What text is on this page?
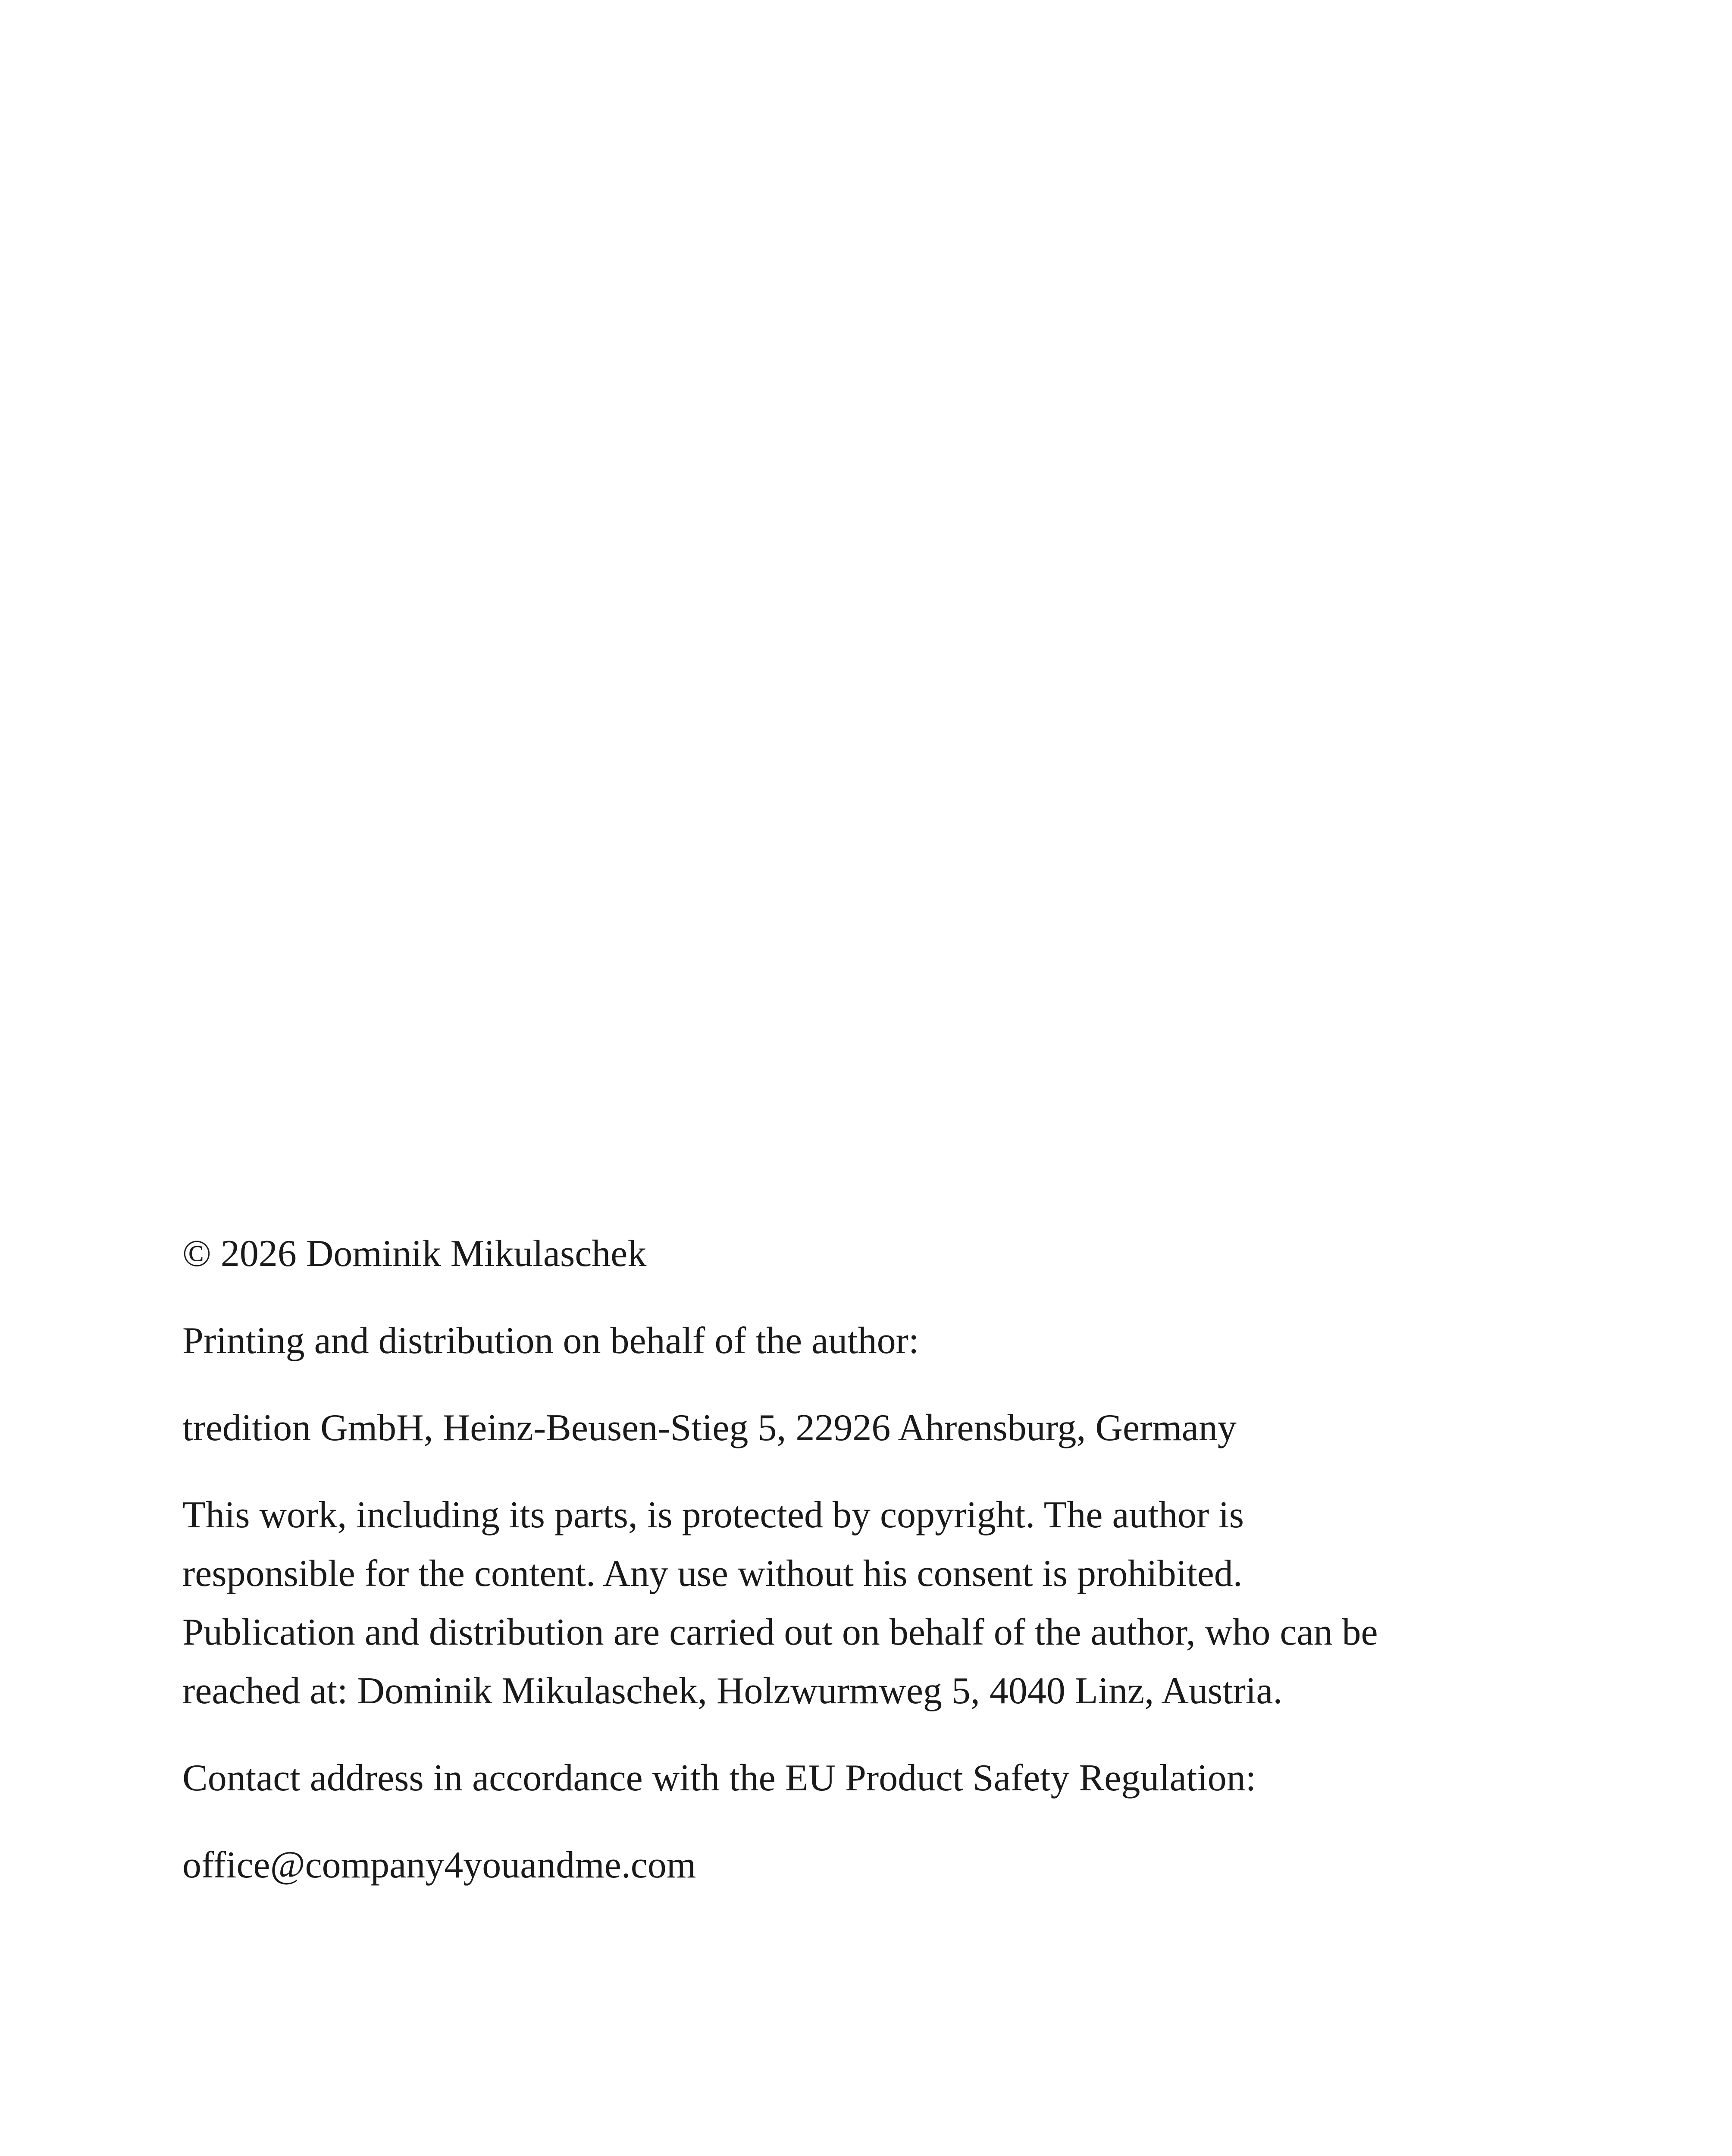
© 2026 Dominik Mikulaschek

Printing and distribution on behalf of the author:

tredition GmbH, Heinz-Beusen-Stieg 5, 22926 Ahrensburg, Germany

This work, including its parts, is protected by copyright. The author is
responsible for the content. Any use without his consent is prohibited.
Publication and distribution are carried out on behalf of the author, who can be
reached at: Dominik Mikulaschek, Holzwurmweg 5, 4040 Linz, Austria.

Contact address in accordance with the EU Product Safety Regulation:

office@company4youandme.com
